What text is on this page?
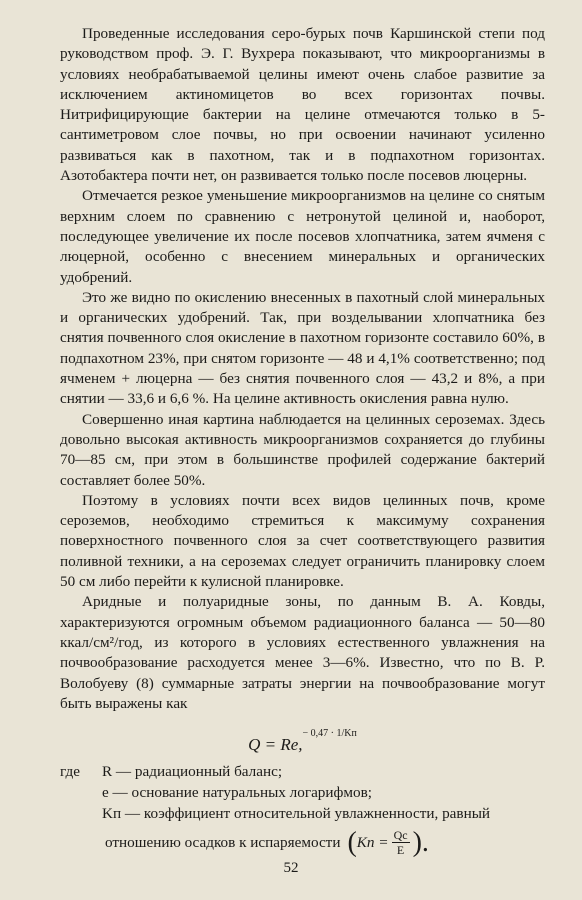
Проведенные исследования серо-бурых почв Каршинской степи под руководством проф. Э. Г. Вухрера показывают, что микроорганизмы в условиях необрабатываемой целины имеют очень слабое развитие за исключением актиномицетов во всех горизонтах почвы. Нитрифицирующие бактерии на целине отмечаются только в 5-сантиметровом слое почвы, но при освоении начинают усиленно развиваться как в пахотном, так и в подпахотном горизонтах. Азотобактера почти нет, он развивается только после посевов люцерны.

Отмечается резкое уменьшение микроорганизмов на целине со снятым верхним слоем по сравнению с нетронутой целиной и, наоборот, последующее увеличение их после посевов хлопчатника, затем ячменя с люцерной, особенно с внесением минеральных и органических удобрений.

Это же видно по окислению внесенных в пахотный слой минеральных и органических удобрений. Так, при возделывании хлопчатника без снятия почвенного слоя окисление в пахотном горизонте составило 60%, в подпахотном 23%, при снятом горизонте — 48 и 4,1% соответственно; под ячменем + люцерна — без снятия почвенного слоя — 43,2 и 8%, а при снятии — 33,6 и 6,6 %. На целине активность окисления равна нулю.

Совершенно иная картина наблюдается на целинных сероземах. Здесь довольно высокая активность микроорганизмов сохраняется до глубины 70—85 см, при этом в большинстве профилей содержание бактерий составляет более 50%.

Поэтому в условиях почти всех видов целинных почв, кроме сероземов, необходимо стремиться к максимуму сохранения поверхностного почвенного слоя за счет соответствующего развития поливной техники, а на сероземах следует ограничить планировку слоем 50 см либо перейти к кулисной планировке.

Аридные и полуаридные зоны, по данным В. А. Ковды, характеризуются огромным объемом радиационного баланса — 50—80 ккал/см²/год, из которого в условиях естественного увлажнения на почвообразование расходуется менее 3—6%. Известно, что по В. Р. Волобуеву (8) суммарные затраты энергии на почвообразование могут быть выражены как

Q = Re,$^{- 0,47 \cdot 1/Kп}$
где	R — радиационный баланс;
e — основание натуральных логарифмов;
Kп — коэффициент относительной увлажненности, равный
отношению осадков к испаряемости ( Kп = $\frac{Qc}{E}$ ).
52
